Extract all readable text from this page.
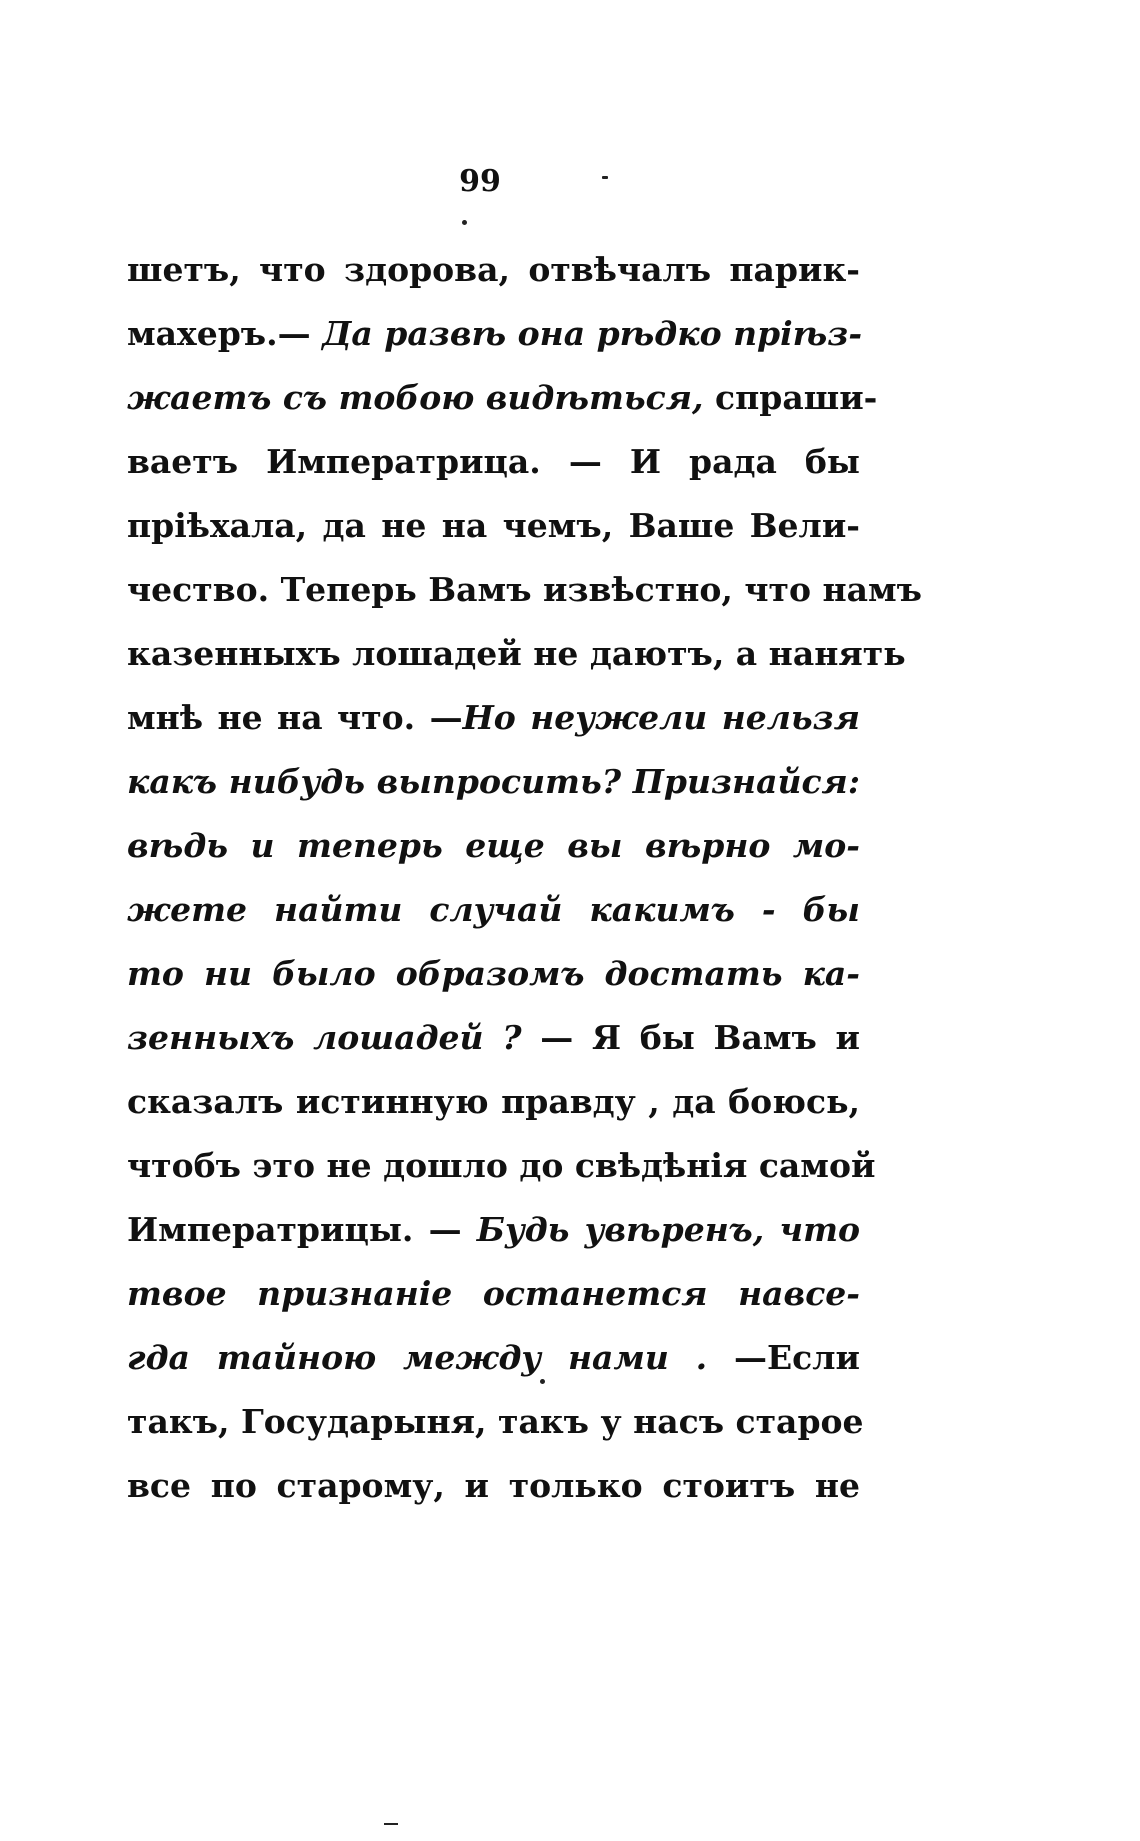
99
шетъ, что здорова, отвѣчалъ парик-
махеръ.— Да развѣ она рѣдко пріѣз-
жаетъ съ тобою видѣться, спраши-
ваетъ Императрица. — И рада бы
пріѣхала, да не на чемъ, Ваше Вели-
чество. Теперь Вамъ извѣстно, что намъ
казенныхъ лошадей не даютъ, а нанять
мнѣ не на что. —Но неужели нельзя
какъ нибудь выпросить? Признайся:
вѣдь и теперь еще вы вѣрно мо-
жете найти случай какимъ - бы
то ни было образомъ достать ка-
зенныхъ лошадей ? — Я бы Вамъ и
сказалъ истинную правду , да боюсь,
чтобъ это не дошло до свѣдѣнія самой
Императрицы. — Будь увѣренъ, что
твое признаніе останется навсе-
гда тайною между нами . —Если
такъ, Государыня, такъ у насъ старое
все по старому, и только стоитъ не
